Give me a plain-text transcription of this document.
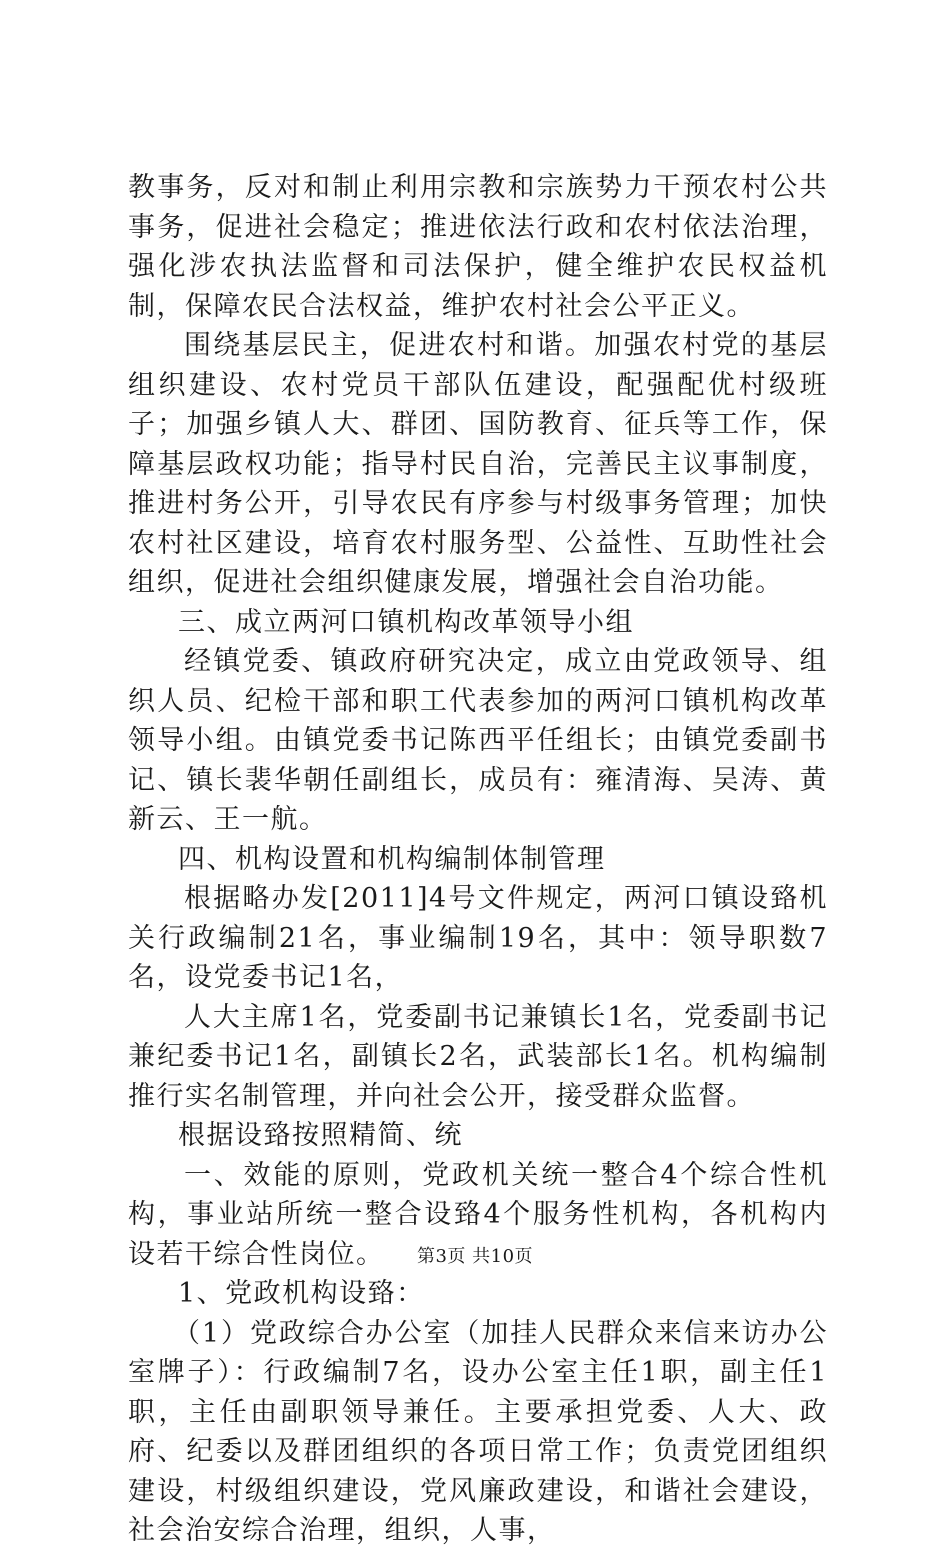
教事务，反对和制止利用宗教和宗族势力干预农村公共事务，促进社会稳定；推进依法行政和农村依法治理，强化涉农执法监督和司法保护，健全维护农民权益机制，保障农民合法权益，维护农村社会公平正义。

围绕基层民主，促进农村和谐。加强农村党的基层组织建设、农村党员干部队伍建设，配强配优村级班子；加强乡镇人大、群团、国防教育、征兵等工作，保障基层政权功能；指导村民自治，完善民主议事制度，推进村务公开，引导农民有序参与村级事务管理；加快农村社区建设，培育农村服务型、公益性、互助性社会组织，促进社会组织健康发展，增强社会自治功能。

三、成立两河口镇机构改革领导小组

经镇党委、镇政府研究决定，成立由党政领导、组织人员、纪检干部和职工代表参加的两河口镇机构改革领导小组。由镇党委书记陈西平任组长；由镇党委副书记、镇长裴华朝任副组长，成员有：雍清海、吴涛、黄新云、王一航。

四、机构设置和机构编制体制管理

根据略办发[2011]4号文件规定，两河口镇设臵机关行政编制21名，事业编制19名，其中：领导职数7名，设党委书记1名，

人大主席1名，党委副书记兼镇长1名，党委副书记兼纪委书记1名，副镇长2名，武装部长1名。机构编制推行实名制管理，并向社会公开，接受群众监督。

根据设臵按照精简、统

一、效能的原则，党政机关统一整合4个综合性机构，事业站所统一整合设臵4个服务性机构，各机构内设若干综合性岗位。

1、党政机构设臵：

（1）党政综合办公室（加挂人民群众来信来访办公室牌子）：行政编制7名，设办公室主任1职，副主任1职，主任由副职领导兼任。主要承担党委、人大、政府、纪委以及群团组织的各项日常工作；负责党团组织建设，村级组织建设，党风廉政建设，和谐社会建设，社会治安综合治理，组织，人事，

第3页 共10页
